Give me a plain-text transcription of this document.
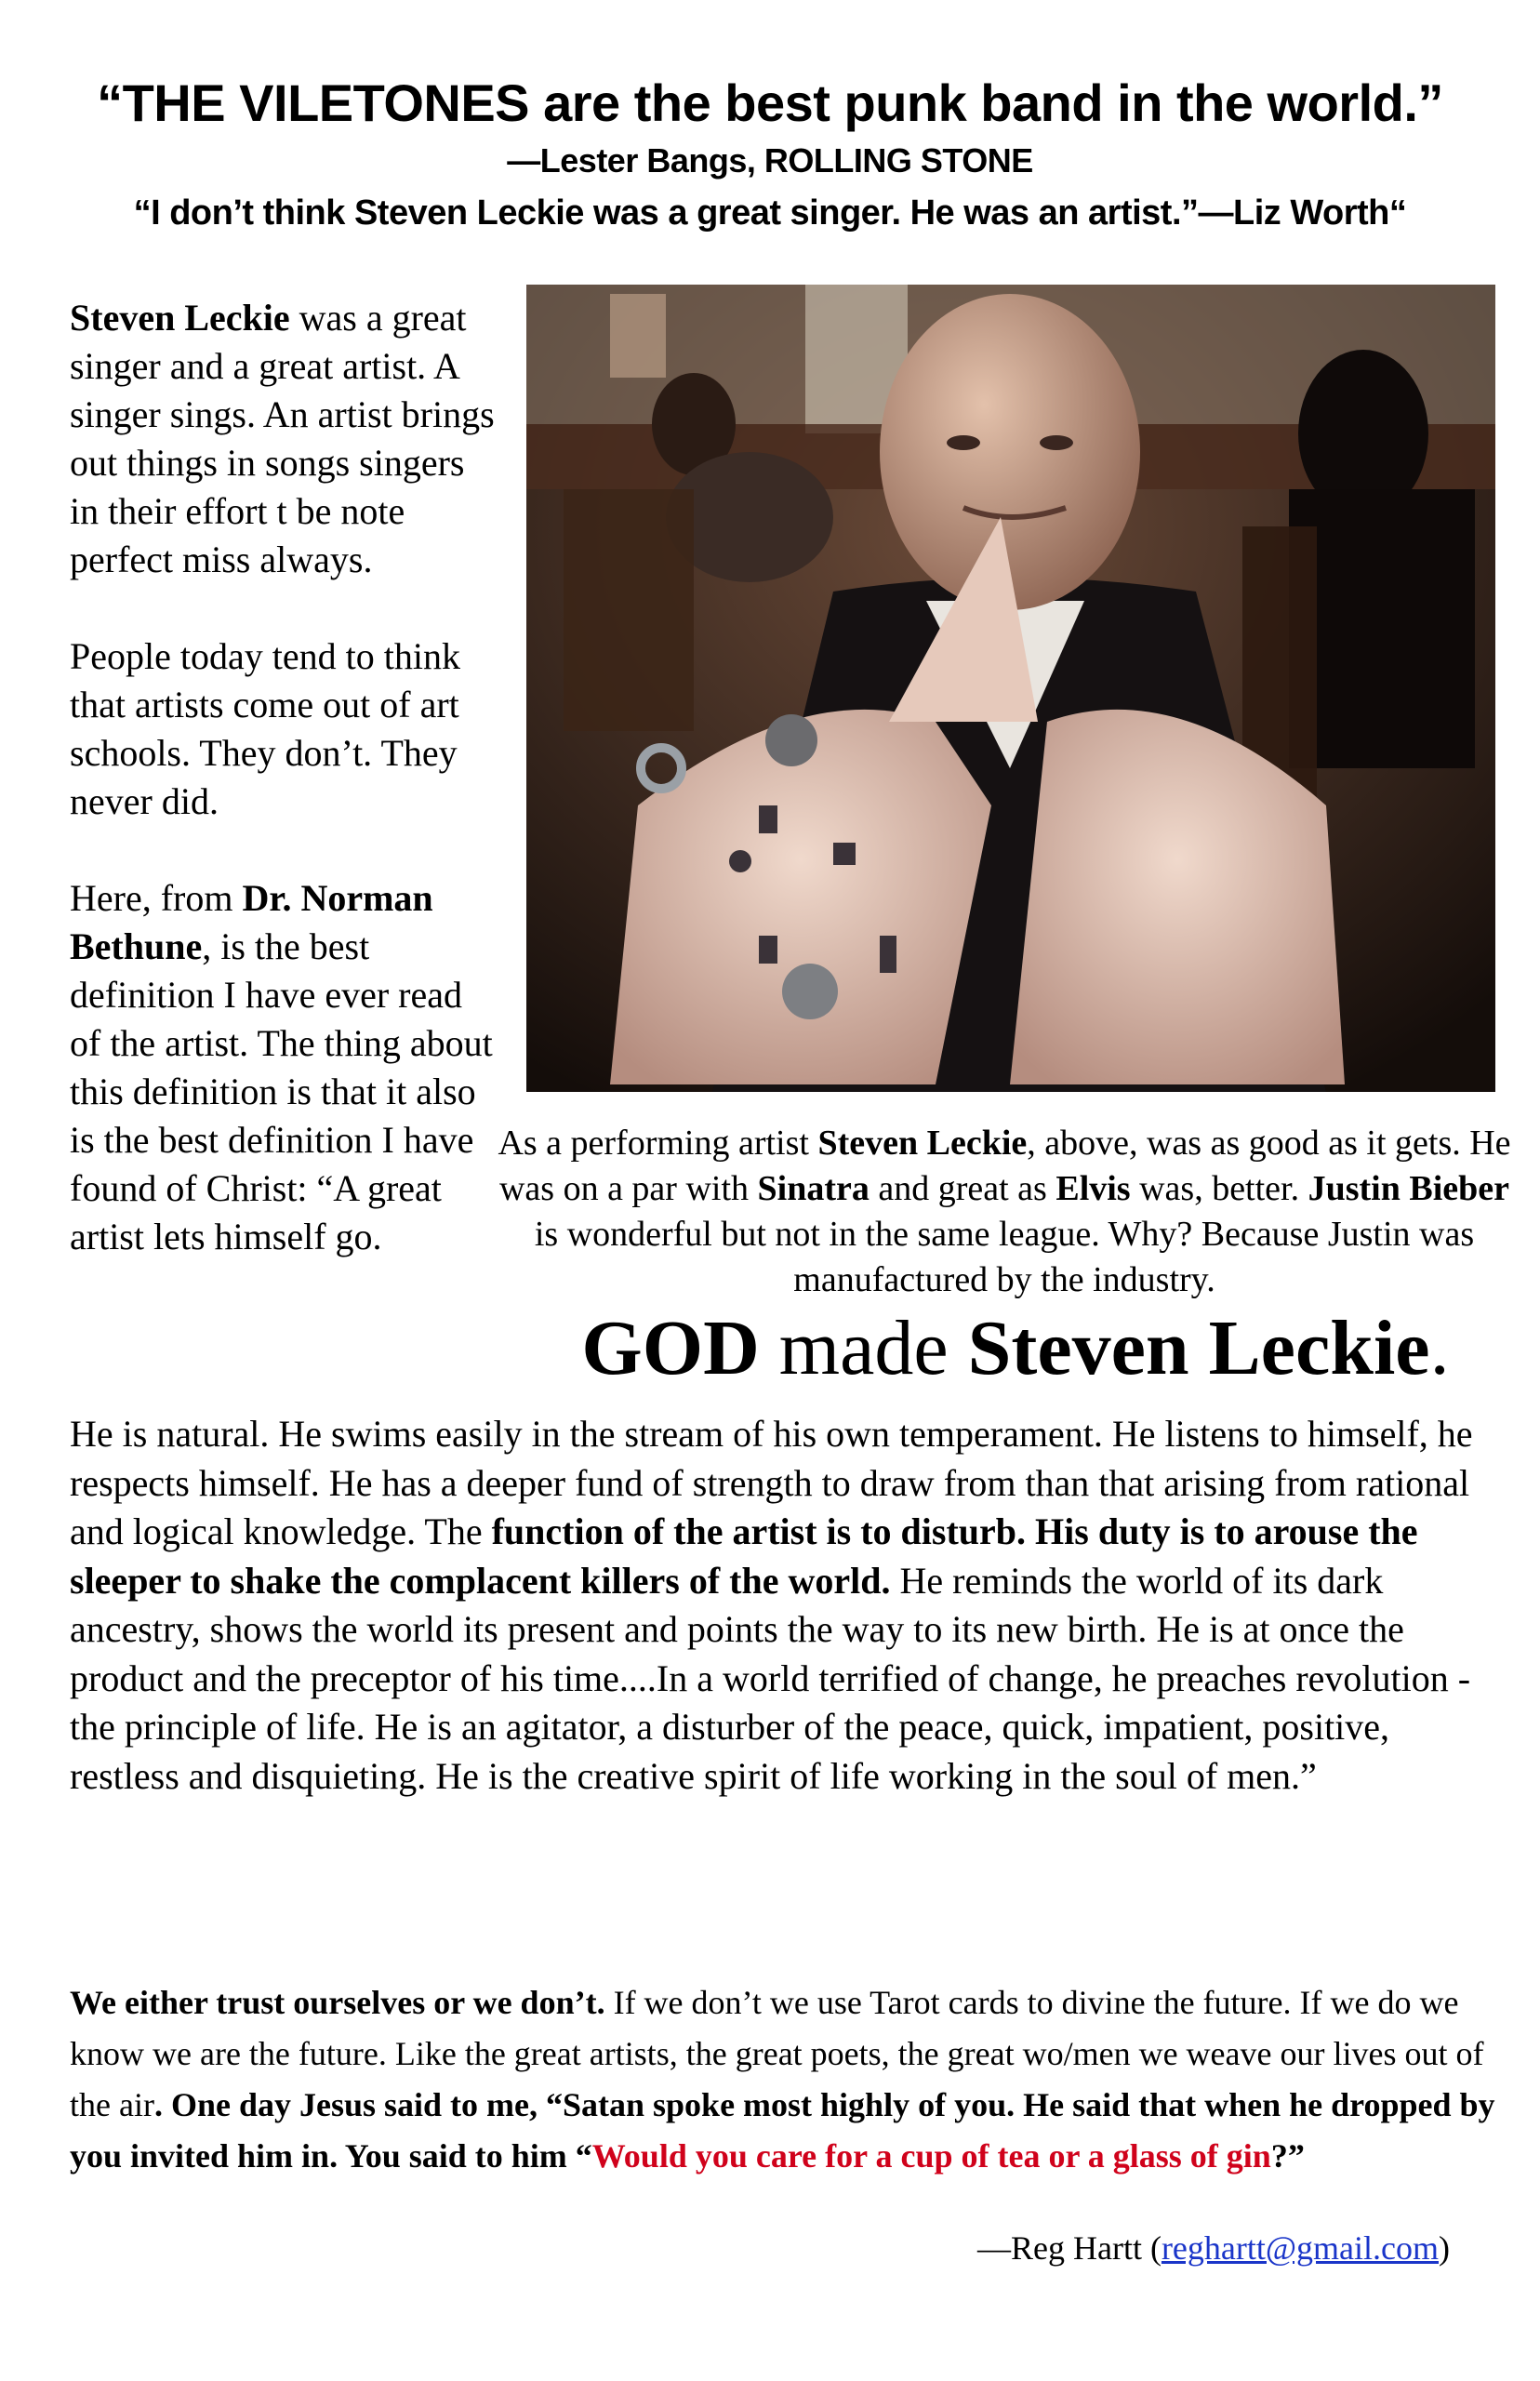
“THE VILETONES are the best punk band in the world.”
—Lester Bangs, ROLLING STONE
“I don’t think Steven Leckie was a great singer. He was an artist.”—Liz Worth“

Steven Leckie was a great singer and a great artist. A singer sings. An artist brings out things in songs singers in their effort t be note perfect miss always.

People today tend to think that artists come out of art schools. They don’t. They never did.

Here, from Dr. Norman Bethune, is the best definition I have ever read of the artist. The thing about this definition is that it also is the best definition I have found of Christ: “A great artist lets himself go.

As a performing artist Steven Leckie, above, was as good as it gets. He was on a par with Sinatra and great as Elvis was, better. Justin Bieber is wonderful but not in the same league. Why? Because Justin was manufactured by the industry.
GOD made Steven Leckie.
He is natural. He swims easily in the stream of his own temperament. He listens to himself, he respects himself. He has a deeper fund of strength to draw from than that arising from rational and logical knowledge. The function of the artist is to disturb. His duty is to arouse the sleeper to shake the complacent killers of the world. He reminds the world of its dark ancestry, shows the world its present and points the way to its new birth. He is at once the product and the preceptor of his time....In a world terrified of change, he preaches revolution - the principle of life. He is an agitator, a disturber of the peace, quick, impatient, positive, restless and disquieting. He is the creative spirit of life working in the soul of men.”
We either trust ourselves or we don’t. If we don’t we use Tarot cards to divine the future. If we do we know we are the future. Like the great artists, the great poets, the great wo/men we weave our lives out of the air. One day Jesus said to me, “Satan spoke most highly of you. He said that when he dropped by you invited him in. You said to him “Would you care for a cup of tea or a glass of gin?”
—Reg Hartt (reghartt@gmail.com)
